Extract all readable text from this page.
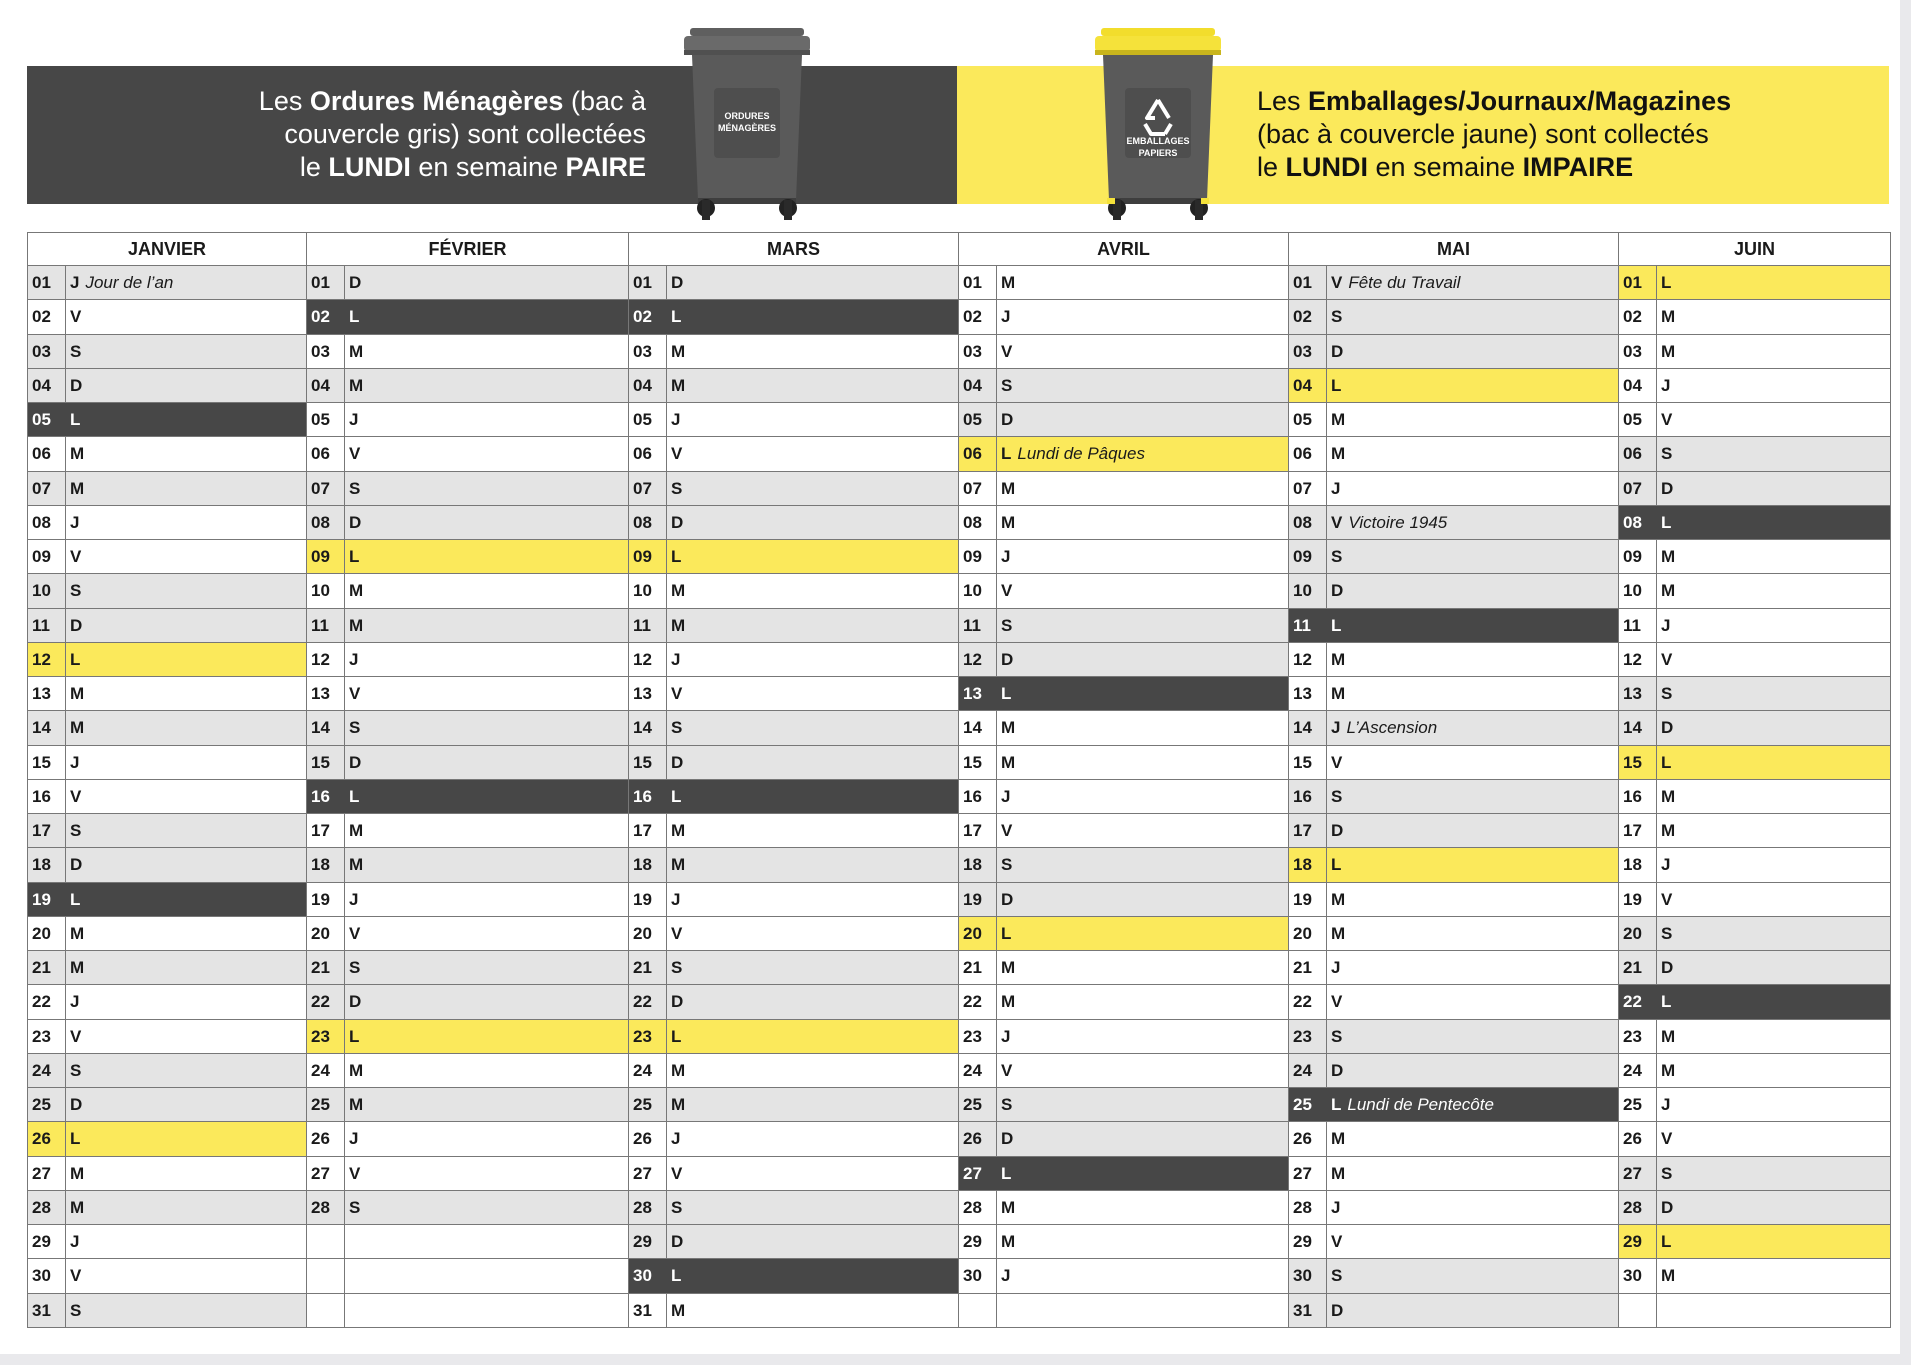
Les Ordures Ménagères (bac à
couvercle gris) sont collectées
le LUNDI en semaine PAIRE
Les Emballages/Journaux/Magazines
(bac à couvercle jaune) sont collectés
le LUNDI en semaine IMPAIRE
ORDURES
MÉNAGÈRES
EMBALLAGES
PAPIERS
JANVIER
01	J Jour de l’an
02	V
03	S
04	D
05	L
06	M
07	M
08	J
09	V
10	S
11	D
12	L
13	M
14	M
15	J
16	V
17	S
18	D
19	L
20	M
21	M
22	J
23	V
24	S
25	D
26	L
27	M
28	M
29	J
30	V
31	S
FÉVRIER
01	D
02	L
03	M
04	M
05	J
06	V
07	S
08	D
09	L
10	M
11	M
12	J
13	V
14	S
15	D
16	L
17	M
18	M
19	J
20	V
21	S
22	D
23	L
24	M
25	M
26	J
27	V
28	S
MARS
01	D
02	L
03	M
04	M
05	J
06	V
07	S
08	D
09	L
10	M
11	M
12	J
13	V
14	S
15	D
16	L
17	M
18	M
19	J
20	V
21	S
22	D
23	L
24	M
25	M
26	J
27	V
28	S
29	D
30	L
31	M
AVRIL
01	M
02	J
03	V
04	S
05	D
06	L Lundi de Pâques
07	M
08	M
09	J
10	V
11	S
12	D
13	L
14	M
15	M
16	J
17	V
18	S
19	D
20	L
21	M
22	M
23	J
24	V
25	S
26	D
27	L
28	M
29	M
30	J
MAI
01	V Fête du Travail
02	S
03	D
04	L
05	M
06	M
07	J
08	V Victoire 1945
09	S
10	D
11	L
12	M
13	M
14	J L’Ascension
15	V
16	S
17	D
18	L
19	M
20	M
21	J
22	V
23	S
24	D
25	L Lundi de Pentecôte
26	M
27	M
28	J
29	V
30	S
31	D
JUIN
01	L
02	M
03	M
04	J
05	V
06	S
07	D
08	L
09	M
10	M
11	J
12	V
13	S
14	D
15	L
16	M
17	M
18	J
19	V
20	S
21	D
22	L
23	M
24	M
25	J
26	V
27	S
28	D
29	L
30	M
